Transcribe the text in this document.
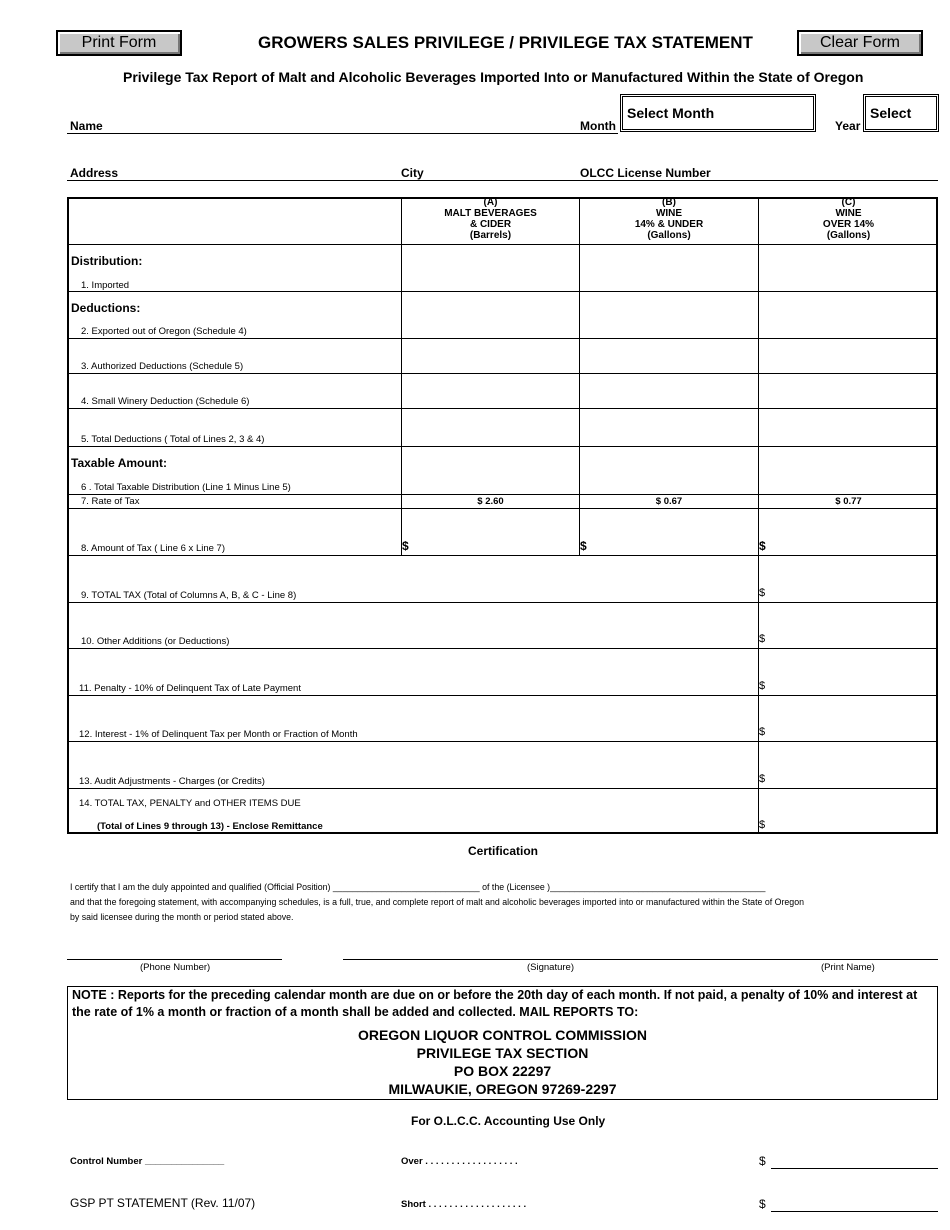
Print Form	GROWERS SALES PRIVILEGE / PRIVILEGE TAX STATEMENT	Clear Form
Privilege Tax Report of Malt and Alcoholic Beverages Imported Into or Manufactured Within the State of Oregon
Name	Month
Select Month
Year
Select
Address	City	OLCC License Number
(A)
MALT BEVERAGES
& CIDER
(Barrels)
(B)
WINE
14% & UNDER
(Gallons)
(C)
WINE
OVER 14%
(Gallons)
Distribution:
1. Imported
Deductions:
2. Exported out of Oregon (Schedule 4)
3. Authorized Deductions (Schedule 5)
4. Small Winery Deduction (Schedule 6)
5. Total Deductions ( Total of Lines 2, 3 & 4)
Taxable Amount:
6 . Total Taxable Distribution (Line 1 Minus Line 5)
7. Rate of Tax	$ 2.60	$ 0.67	$ 0.77
8. Amount of Tax ( Line 6 x Line 7)	$	$	$
9. TOTAL TAX (Total of Columns A, B, & C - Line 8)	$
10. Other Additions (or Deductions)	$
11. Penalty - 10% of Delinquent Tax of Late Payment	$
12. Interest - 1% of Delinquent Tax per Month or Fraction of Month	$
13. Audit Adjustments - Charges (or Credits)	$
14. TOTAL TAX, PENALTY and OTHER ITEMS DUE
(Total of Lines 9 through 13) - Enclose Remittance	$
Certification
I certify that I am the duly appointed and qualified (Official Position) ______________________________ of the (Licensee )____________________________________________
and that the foregoing statement, with accompanying schedules, is a full, true, and complete report of malt and alcoholic beverages imported into or manufactured within the State of Oregon
by said licensee during the month or period stated above.
(Phone Number)	(Signature)	(Print Name)
NOTE : Reports for the preceding calendar month are due on or before the 20th day of each month. If not paid, a penalty of 10% and interest at the rate of 1% a month or fraction of a month shall be added and collected. MAIL REPORTS TO:
OREGON LIQUOR CONTROL COMMISSION
PRIVILEGE TAX SECTION
PO BOX 22297
MILWAUKIE, OREGON 97269-2297
For O.L.C.C. Accounting Use Only
Control Number _______________	Over . . . . . . . . . . . . . . . . . .	$
Short . . . . . . . . . . . . . . . . . . .	$
GSP PT STATEMENT (Rev. 11/07)
